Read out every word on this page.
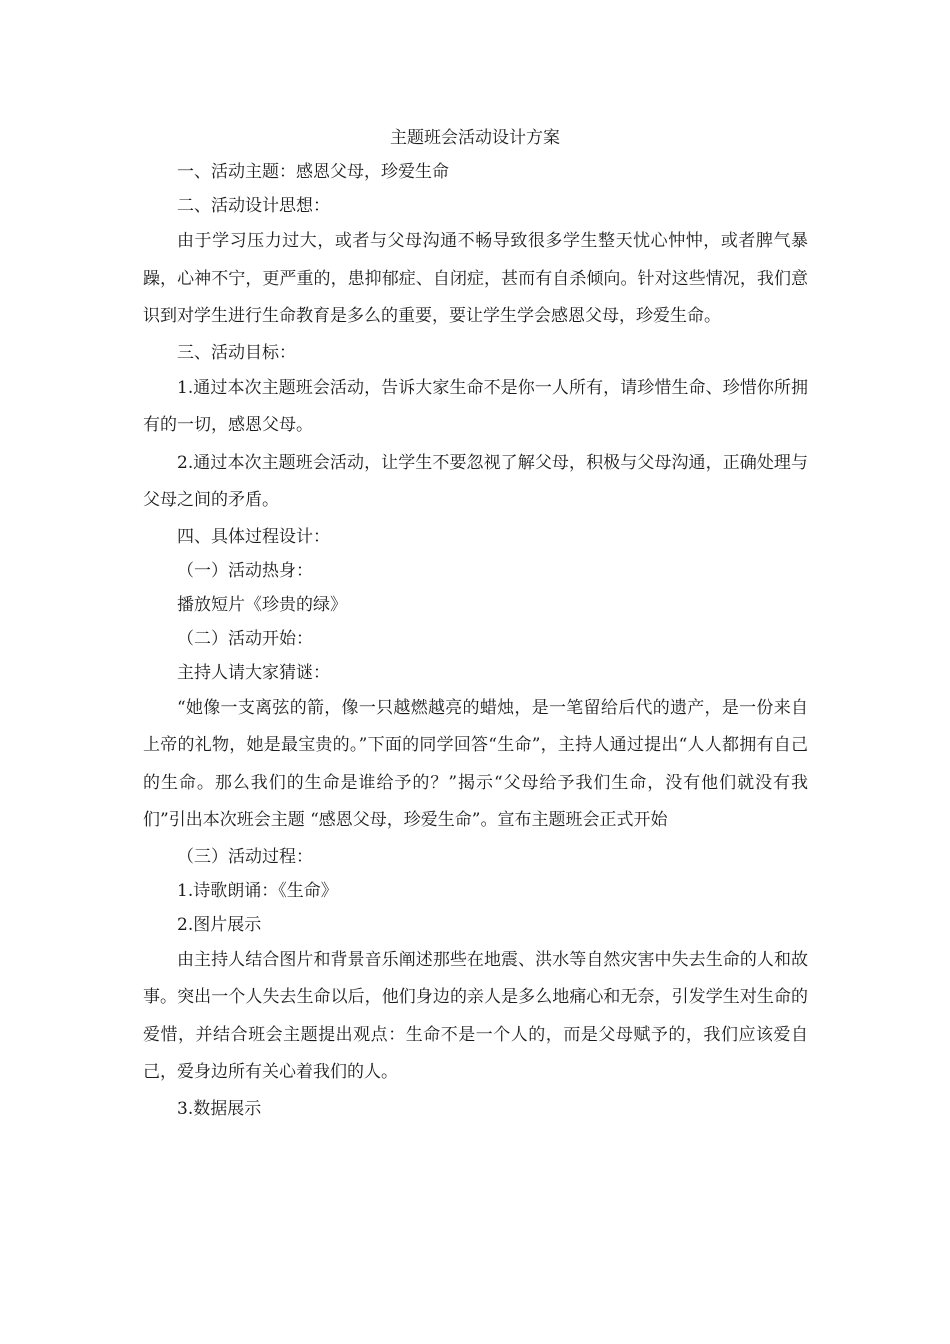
主题班会活动设计方案

一、活动主题：感恩父母，珍爱生命

二、活动设计思想：

由于学习压力过大，或者与父母沟通不畅导致很多学生整天忧心忡忡，或者脾气暴躁，心神不宁，更严重的，患抑郁症、自闭症，甚而有自杀倾向。针对这些情况，我们意识到对学生进行生命教育是多么的重要，要让学生学会感恩父母，珍爱生命。

三、活动目标：

1.通过本次主题班会活动，告诉大家生命不是你一人所有，请珍惜生命、珍惜你所拥有的一切，感恩父母。

2.通过本次主题班会活动，让学生不要忽视了解父母，积极与父母沟通，正确处理与父母之间的矛盾。

四、具体过程设计：

（一）活动热身：

播放短片《珍贵的绿》

（二）活动开始：

主持人请大家猜谜：

“她像一支离弦的箭，像一只越燃越亮的蜡烛，是一笔留给后代的遗产，是一份来自上帝的礼物，她是最宝贵的。”下面的同学回答“生命”，主持人通过提出“人人都拥有自己的生命。那么我们的生命是谁给予的？”揭示“父母给予我们生命，没有他们就没有我们”引出本次班会主题 “感恩父母，珍爱生命”。宣布主题班会正式开始

（三）活动过程：

1.诗歌朗诵：《生命》

2.图片展示

由主持人结合图片和背景音乐阐述那些在地震、洪水等自然灾害中失去生命的人和故事。突出一个人失去生命以后，他们身边的亲人是多么地痛心和无奈，引发学生对生命的爱惜，并结合班会主题提出观点：生命不是一个人的，而是父母赋予的，我们应该爱自己，爱身边所有关心着我们的人。

3.数据展示
